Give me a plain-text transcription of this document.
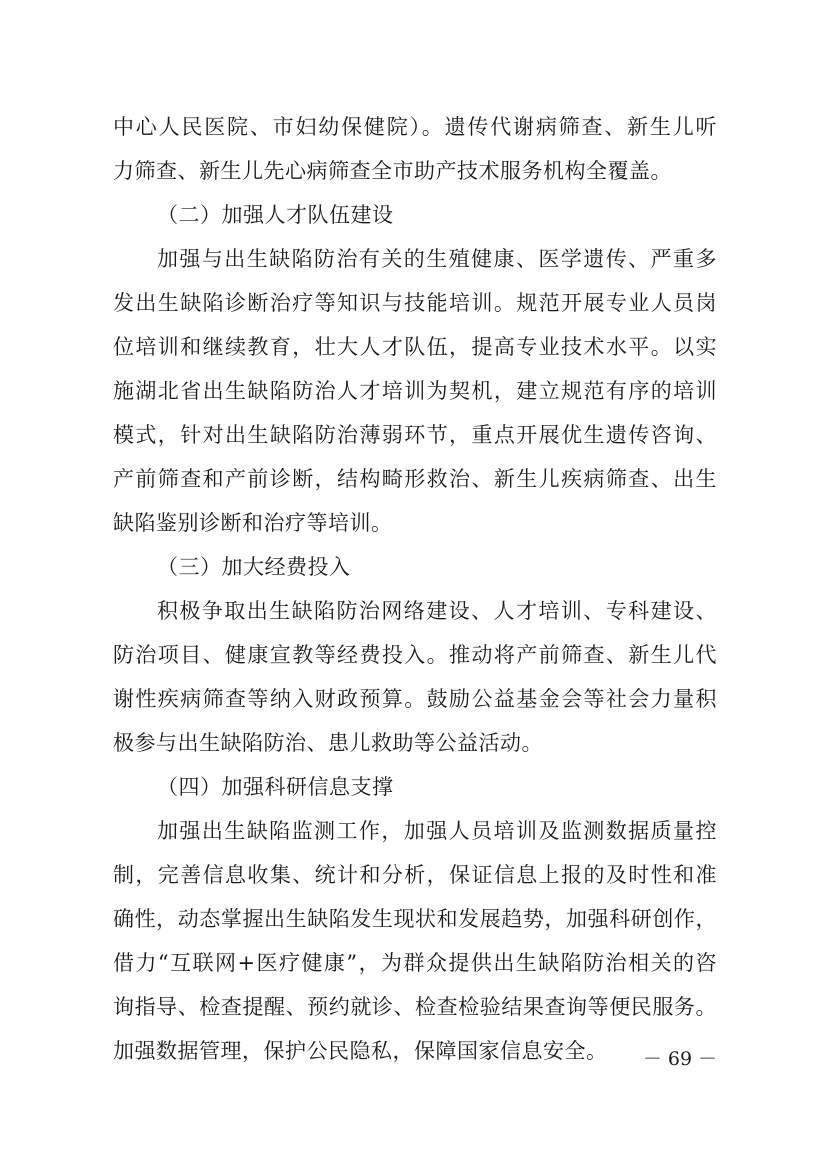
中心人民医院、市妇幼保健院）。遗传代谢病筛查、新生儿听
力筛查、新生儿先心病筛查全市助产技术服务机构全覆盖。
（二）加强人才队伍建设
加强与出生缺陷防治有关的生殖健康、医学遗传、严重多
发出生缺陷诊断治疗等知识与技能培训。规范开展专业人员岗
位培训和继续教育，壮大人才队伍，提高专业技术水平。以实
施湖北省出生缺陷防治人才培训为契机，建立规范有序的培训
模式，针对出生缺陷防治薄弱环节，重点开展优生遗传咨询、
产前筛查和产前诊断，结构畸形救治、新生儿疾病筛查、出生
缺陷鉴别诊断和治疗等培训。
（三）加大经费投入
积极争取出生缺陷防治网络建设、人才培训、专科建设、
防治项目、健康宣教等经费投入。推动将产前筛查、新生儿代
谢性疾病筛查等纳入财政预算。鼓励公益基金会等社会力量积
极参与出生缺陷防治、患儿救助等公益活动。
（四）加强科研信息支撑
加强出生缺陷监测工作，加强人员培训及监测数据质量控
制，完善信息收集、统计和分析，保证信息上报的及时性和准
确性，动态掌握出生缺陷发生现状和发展趋势，加强科研创作，
借力“互联网+医疗健康”，为群众提供出生缺陷防治相关的咨
询指导、检查提醒、预约就诊、检查检验结果查询等便民服务。
加强数据管理，保护公民隐私，保障国家信息安全。	－ 69 －
